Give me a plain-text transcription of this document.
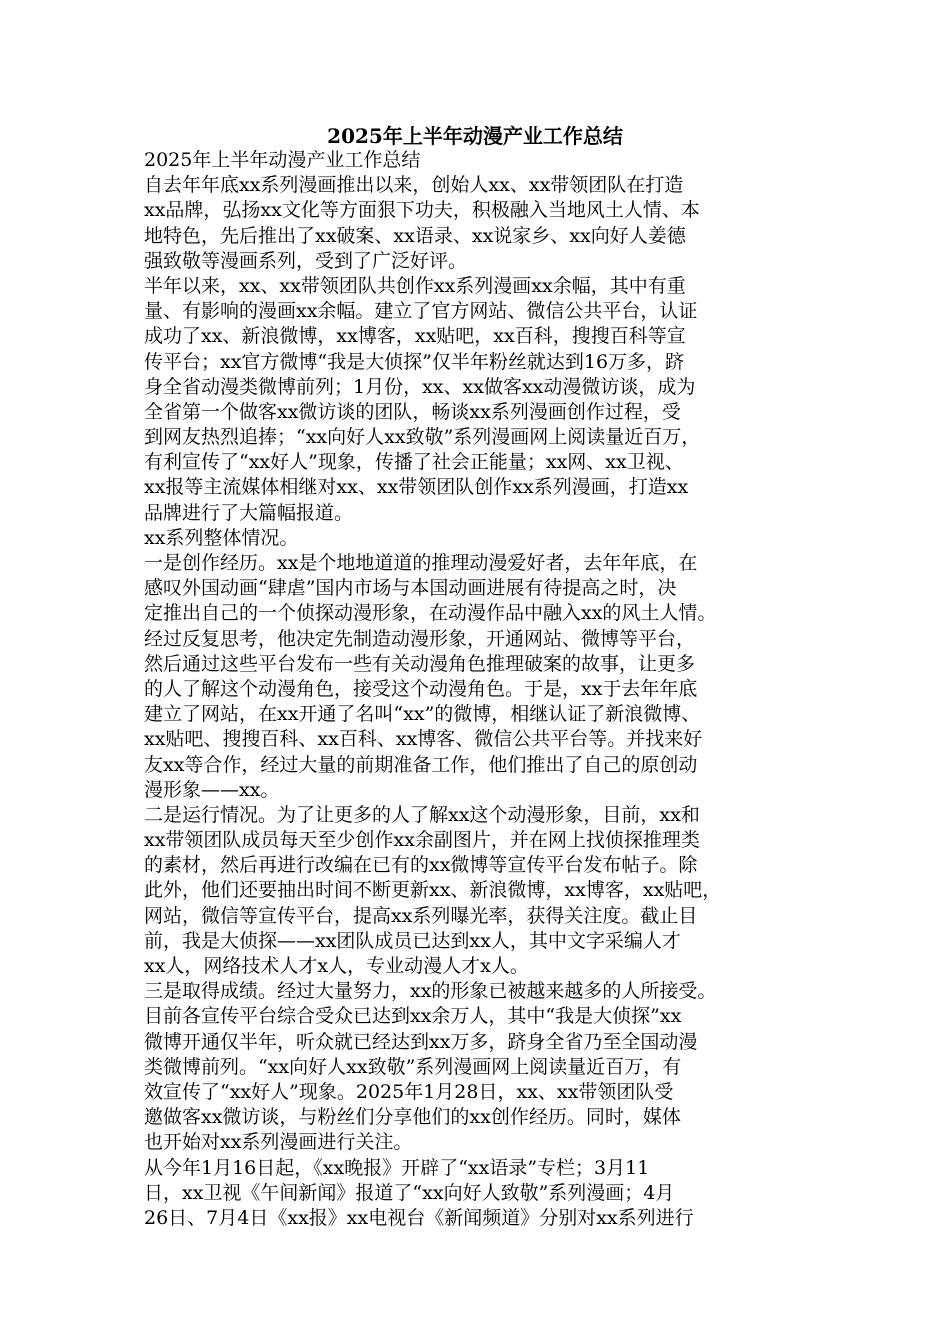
2025年上半年动漫产业工作总结
2025年上半年动漫产业工作总结
自去年年底xx系列漫画推出以来，创始人xx、xx带领团队在打造
xx品牌，弘扬xx文化等方面狠下功夫，积极融入当地风土人情、本
地特色，先后推出了xx破案、xx语录、xx说家乡、xx向好人姜德
强致敬等漫画系列，受到了广泛好评。
半年以来，xx、xx带领团队共创作xx系列漫画xx余幅，其中有重
量、有影响的漫画xx余幅。建立了官方网站、微信公共平台，认证
成功了xx、新浪微博，xx博客，xx贴吧，xx百科，搜搜百科等宣
传平台；xx官方微博“我是大侦探”仅半年粉丝就达到16万多，跻
身全省动漫类微博前列；1月份，xx、xx做客xx动漫微访谈，成为
全省第一个做客xx微访谈的团队，畅谈xx系列漫画创作过程，受
到网友热烈追捧；“xx向好人xx致敬”系列漫画网上阅读量近百万，
有利宣传了“xx好人”现象，传播了社会正能量；xx网、xx卫视、
xx报等主流媒体相继对xx、xx带领团队创作xx系列漫画，打造xx
品牌进行了大篇幅报道。
xx系列整体情况。
一是创作经历。xx是个地地道道的推理动漫爱好者，去年年底，在
感叹外国动画“肆虐”国内市场与本国动画进展有待提高之时，决
定推出自己的一个侦探动漫形象，在动漫作品中融入xx的风土人情。
经过反复思考，他决定先制造动漫形象，开通网站、微博等平台，
然后通过这些平台发布一些有关动漫角色推理破案的故事，让更多
的人了解这个动漫角色，接受这个动漫角色。于是，xx于去年年底
建立了网站，在xx开通了名叫“xx”的微博，相继认证了新浪微博、
xx贴吧、搜搜百科、xx百科、xx博客、微信公共平台等。并找来好
友xx等合作，经过大量的前期准备工作，他们推出了自己的原创动
漫形象——xx。
二是运行情况。为了让更多的人了解xx这个动漫形象，目前，xx和
xx带领团队成员每天至少创作xx余副图片，并在网上找侦探推理类
的素材，然后再进行改编在已有的xx微博等宣传平台发布帖子。除
此外，他们还要抽出时间不断更新xx、新浪微博，xx博客，xx贴吧，
网站，微信等宣传平台，提高xx系列曝光率，获得关注度。截止目
前，我是大侦探——xx团队成员已达到xx人，其中文字采编人才
xx人，网络技术人才x人，专业动漫人才x人。
三是取得成绩。经过大量努力，xx的形象已被越来越多的人所接受。
目前各宣传平台综合受众已达到xx余万人，其中“我是大侦探”xx
微博开通仅半年，听众就已经达到xx万多，跻身全省乃至全国动漫
类微博前列。“xx向好人xx致敬”系列漫画网上阅读量近百万，有
效宣传了“xx好人”现象。2025年1月28日，xx、xx带领团队受
邀做客xx微访谈，与粉丝们分享他们的xx创作经历。同时，媒体
也开始对xx系列漫画进行关注。
从今年1月16日起，《xx晚报》开辟了“xx语录”专栏；3月11
日，xx卫视《午间新闻》报道了“xx向好人致敬”系列漫画；4月
26日、7月4日《xx报》xx电视台《新闻频道》分别对xx系列进行
